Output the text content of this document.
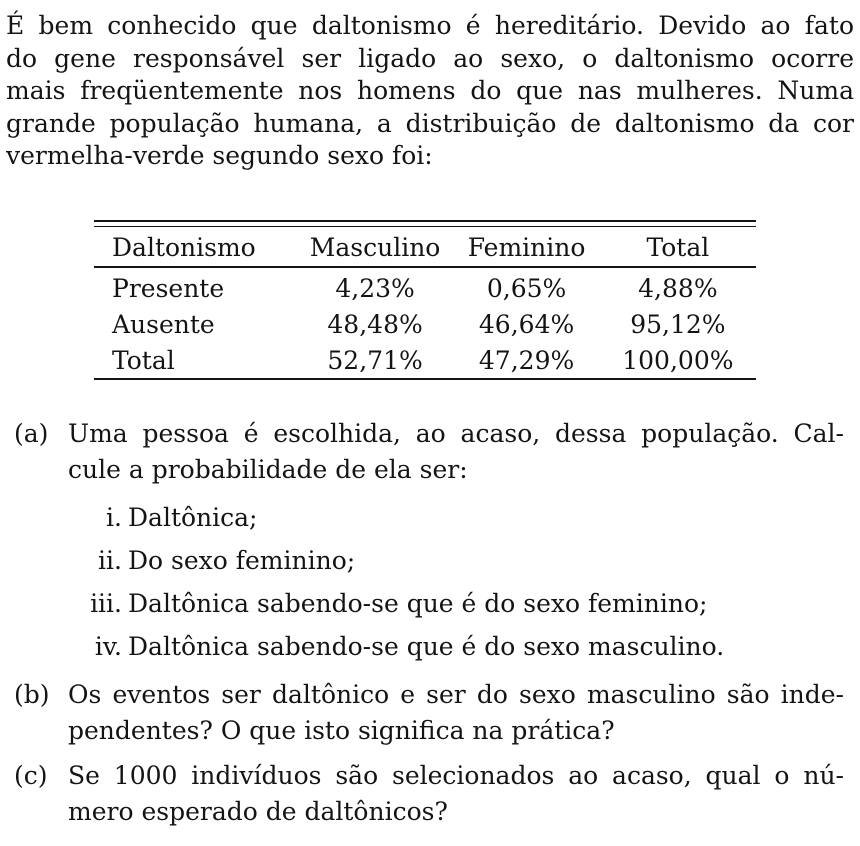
É bem conhecido que daltonismo é hereditário. Devido ao fato
do gene responsável ser ligado ao sexo, o daltonismo ocorre
mais freqüentemente nos homens do que nas mulheres. Numa
grande população humana, a distribuição de daltonismo da cor
vermelha-verde segundo sexo foi:
Daltonismo	Masculino	Feminino	Total
Presente	4,23%	0,65%	4,88%
Ausente	48,48%	46,64%	95,12%
Total	52,71%	47,29%	100,00%
(a) Uma pessoa é escolhida, ao acaso, dessa população. Cal-
cule a probabilidade de ela ser:
i. Daltônica;
ii. Do sexo feminino;
iii. Daltônica sabendo-se que é do sexo feminino;
iv. Daltônica sabendo-se que é do sexo masculino.
(b) Os eventos ser daltônico e ser do sexo masculino são inde-
pendentes? O que isto significa na prática?
(c) Se 1000 indivíduos são selecionados ao acaso, qual o nú-
mero esperado de daltônicos?
